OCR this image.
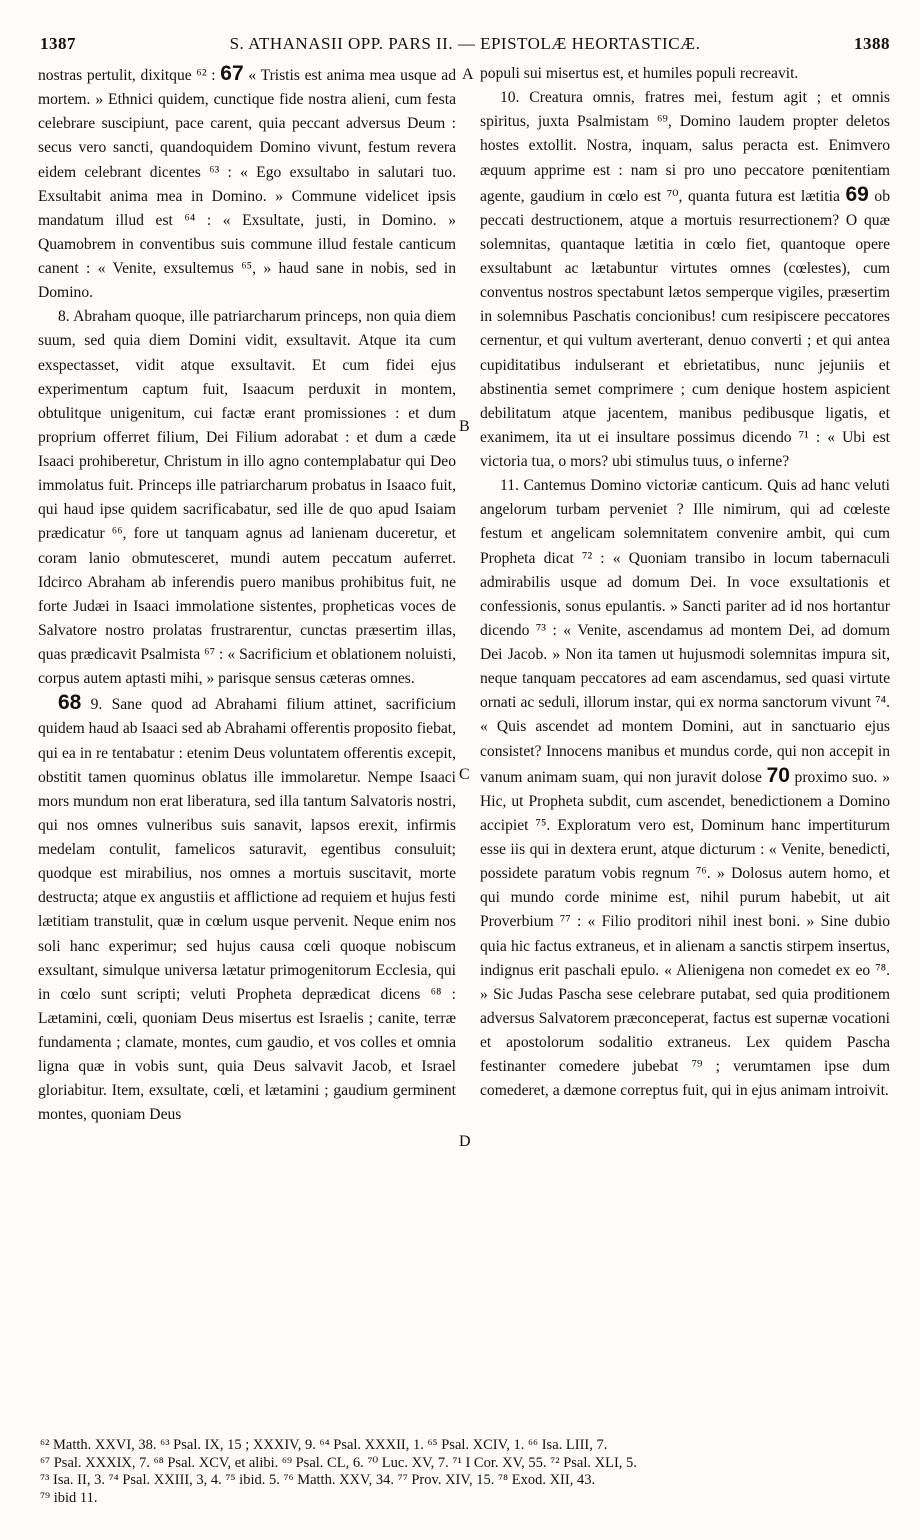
1387	S. ATHANASII OPP. PARS II. — EPISTOLÆ HEORTASTICÆ.	1388

nostras pertulit, dixitque ⁶² : 67 « Tristis est anima mea usque ad mortem. » Ethnici quidem, cunctique fide nostra alieni, cum festa celebrare suscipiunt, pace carent, quia peccant adversus Deum : secus vero sancti, quandoquidem Domino vivunt, festum revera eidem celebrant dicentes ⁶³ : « Ego exsultabo in salutari tuo. Exsultabit anima mea in Domino. » Commune videlicet ipsis mandatum illud est ⁶⁴ : « Exsultate, justi, in Domino. » Quamobrem in conventibus suis commune illud festale canticum canent : « Venite, exsultemus ⁶⁵, » haud sane in nobis, sed in Domino.

8. Abraham quoque, ille patriarcharum princeps, non quia diem suum, sed quia diem Domini vidit, exsultavit. Atque ita cum exspectasset, vidit atque exsultavit. Et cum fidei ejus experimentum captum fuit, Isaacum perduxit in montem, obtulitque unigenitum, cui factæ erant promissiones : et dum proprium offerret filium, Dei Filium adorabat : et dum a cæde Isaaci prohiberetur, Christum in illo agno contemplabatur qui Deo immolatus fuit. Princeps ille patriarcharum probatus in Isaaco fuit, qui haud ipse quidem sacrificabatur, sed ille de quo apud Isaiam prædicatur ⁶⁶, fore ut tanquam agnus ad lanienam duceretur, et coram lanio obmutesceret, mundi autem peccatum auferret. Idcirco Abraham ab inferendis puero manibus prohibitus fuit, ne forte Judæi in Isaaci immolatione sistentes, propheticas voces de Salvatore nostro prolatas frustrarentur, cunctas præsertim illas, quas prædicavit Psalmista ⁶⁷ : « Sacrificium et oblationem noluisti, corpus autem aptasti mihi, » parisque sensus cæteras omnes.

68 9. Sane quod ad Abrahami filium attinet, sacrificium quidem haud ab Isaaci sed ab Abrahami offerentis proposito fiebat, qui ea in re tentabatur : etenim Deus voluntatem offerentis excepit, obstitit tamen quominus oblatus ille immolaretur. Nempe Isaaci mors mundum non erat liberatura, sed illa tantum Salvatoris nostri, qui nos omnes vulneribus suis sanavit, lapsos erexit, infirmis medelam contulit, famelicos saturavit, egentibus consuluit; quodque est mirabilius, nos omnes a mortuis suscitavit, morte destructa; atque ex angustiis et afflictione ad requiem et hujus festi lætitiam transtulit, quæ in cœlum usque pervenit. Neque enim nos soli hanc experimur; sed hujus causa cœli quoque nobiscum exsultant, simulque universa lætatur primogenitorum Ecclesia, qui in cœlo sunt scripti; veluti Propheta deprædicat dicens ⁶⁸ : Lætamini, cœli, quoniam Deus misertus est Israelis ; canite, terræ fundamenta ; clamate, montes, cum gaudio, et vos colles et omnia ligna quæ in vobis sunt, quia Deus salvavit Jacob, et Israel gloriabitur. Item, exsultate, cœli, et lætamini ; gaudium germinent montes, quoniam Deus

populi sui misertus est, et humiles populi recreavit.

10. Creatura omnis, fratres mei, festum agit ; et omnis spiritus, juxta Psalmistam ⁶⁹, Domino laudem propter deletos hostes extollit. Nostra, inquam, salus peracta est. Enimvero æquum apprime est : nam si pro uno peccatore pœnitentiam agente, gaudium in cœlo est ⁷⁰, quanta futura est lætitia 69 ob peccati destructionem, atque a mortuis resurrectionem? O quæ solemnitas, quantaque lætitia in cœlo fiet, quantoque opere exsultabunt ac lætabuntur virtutes omnes (cœlestes), cum conventus nostros spectabunt lætos semperque vigiles, præsertim in solemnibus Paschatis concionibus! cum resipiscere peccatores cernentur, et qui vultum averterant, denuo converti ; et qui antea cupiditatibus indulserant et ebrietatibus, nunc jejuniis et abstinentia semet comprimere ; cum denique hostem aspicient debilitatum atque jacentem, manibus pedibusque ligatis, et exanimem, ita ut ei insultare possimus dicendo ⁷¹ : « Ubi est victoria tua, o mors? ubi stimulus tuus, o inferne?

11. Cantemus Domino victoriæ canticum. Quis ad hanc veluti angelorum turbam perveniet ? Ille nimirum, qui ad cœleste festum et angelicam solemnitatem convenire ambit, qui cum Propheta dicat ⁷² : « Quoniam transibo in locum tabernaculi admirabilis usque ad domum Dei. In voce exsultationis et confessionis, sonus epulantis. » Sancti pariter ad id nos hortantur dicendo ⁷³ : « Venite, ascendamus ad montem Dei, ad domum Dei Jacob. » Non ita tamen ut hujusmodi solemnitas impura sit, neque tanquam peccatores ad eam ascendamus, sed quasi virtute ornati ac seduli, illorum instar, qui ex norma sanctorum vivunt ⁷⁴. « Quis ascendet ad montem Domini, aut in sanctuario ejus consistet? Innocens manibus et mundus corde, qui non accepit in vanum animam suam, qui non juravit dolose 70 proximo suo. » Hic, ut Propheta subdit, cum ascendet, benedictionem a Domino accipiet ⁷⁵. Exploratum vero est, Dominum hanc impertiturum esse iis qui in dextera erunt, atque dicturum : « Venite, benedicti, possidete paratum vobis regnum ⁷⁶. » Dolosus autem homo, et qui mundo corde minime est, nihil purum habebit, ut ait Proverbium ⁷⁷ : « Filio proditori nihil inest boni. » Sine dubio quia hic factus extraneus, et in alienam a sanctis stirpem insertus, indignus erit paschali epulo. « Alienigena non comedet ex eo ⁷⁸. » Sic Judas Pascha sese celebrare putabat, sed quia proditionem adversus Salvatorem præconceperat, factus est supernæ vocationi et apostolorum sodalitio extraneus. Lex quidem Pascha festinanter comedere jubebat ⁷⁹ ; verumtamen ipse dum comederet, a dæmone correptus fuit, qui in ejus animam introivit.

A
B
C
D
⁶² Matth. XXVI, 38. ⁶³ Psal. IX, 15 ; XXXIV, 9. ⁶⁴ Psal. XXXII, 1. ⁶⁵ Psal. XCIV, 1. ⁶⁶ Isa. LIII, 7.
⁶⁷ Psal. XXXIX, 7. ⁶⁸ Psal. XCV, et alibi. ⁶⁹ Psal. CL, 6. ⁷⁰ Luc. XV, 7. ⁷¹ I Cor. XV, 55. ⁷² Psal. XLI, 5.
⁷³ Isa. II, 3. ⁷⁴ Psal. XXIII, 3, 4. ⁷⁵ ibid. 5. ⁷⁶ Matth. XXV, 34. ⁷⁷ Prov. XIV, 15. ⁷⁸ Exod. XII, 43.
⁷⁹ ibid 11.
